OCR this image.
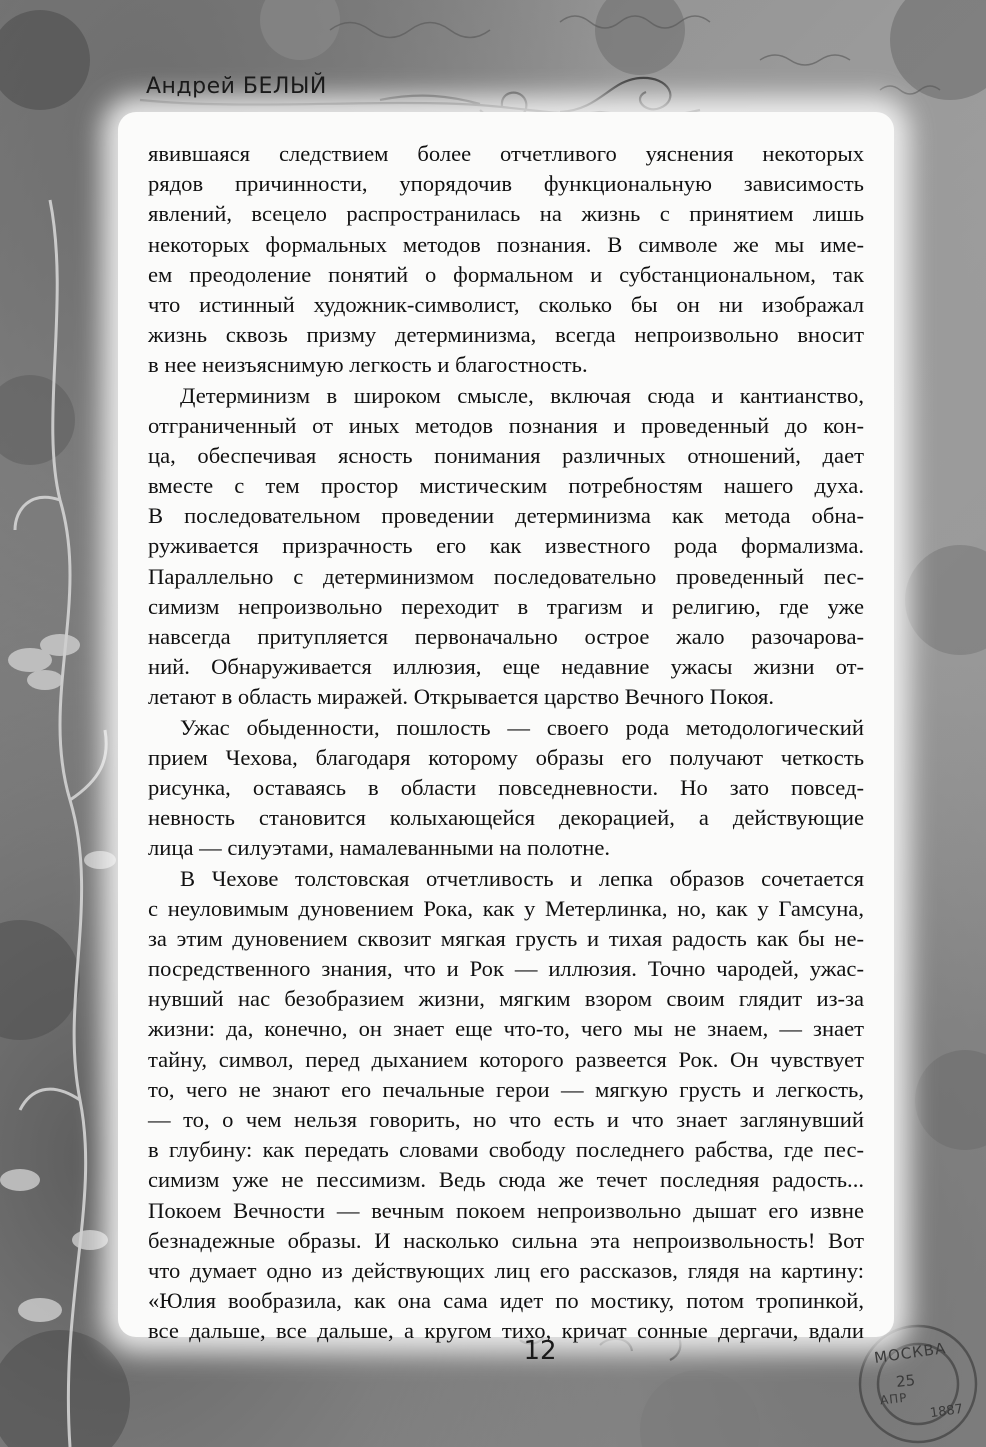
Андрей БЕЛЫЙ
явившаяся следствием более отчетливого уяснения некоторых
рядов причинности, упорядочив функциональную зависимость
явлений, всецело распространилась на жизнь с принятием лишь
некоторых формальных методов познания. В символе же мы име-
ем преодоление понятий о формальном и субстанциональном, так
что истинный художник-символист, сколько бы он ни изображал
жизнь сквозь призму детерминизма, всегда непроизвольно вносит
в нее неизъяснимую легкость и благостность.
Детерминизм в широком смысле, включая сюда и кантианство,
отграниченный от иных методов познания и проведенный до кон-
ца, обеспечивая ясность понимания различных отношений, дает
вместе с тем простор мистическим потребностям нашего духа.
В последовательном проведении детерминизма как метода обна-
руживается призрачность его как известного рода формализма.
Параллельно с детерминизмом последовательно проведенный пес-
симизм непроизвольно переходит в трагизм и религию, где уже
навсегда притупляется первоначально острое жало разочарова-
ний. Обнаруживается иллюзия, еще недавние ужасы жизни от-
летают в область миражей. Открывается царство Вечного Покоя.
Ужас обыденности, пошлость — своего рода методологический
прием Чехова, благодаря которому образы его получают четкость
рисунка, оставаясь в области повседневности. Но зато повсед-
невность становится колыхающейся декорацией, а действующие
лица — силуэтами, намалеванными на полотне.
В Чехове толстовская отчетливость и лепка образов сочетается
с неуловимым дуновением Рока, как у Метерлинка, но, как у Гамсуна,
за этим дуновением сквозит мягкая грусть и тихая радость как бы не-
посредственного знания, что и Рок — иллюзия. Точно чародей, ужас-
нувший нас безобразием жизни, мягким взором своим глядит из-за
жизни: да, конечно, он знает еще что-то, чего мы не знаем, — знает
тайну, символ, перед дыханием которого развеется Рок. Он чувствует
то, чего не знают его печальные герои — мягкую грусть и легкость,
— то, о чем нельзя говорить, но что есть и что знает заглянувший
в глубину: как передать словами свободу последнего рабства, где пес-
симизм уже не пессимизм. Ведь сюда же течет последняя радость...
Покоем Вечности — вечным покоем непроизвольно дышат его извне
безнадежные образы. И насколько сильна эта непроизвольность! Вот
что думает одно из действующих лиц его рассказов, глядя на картину:
«Юлия вообразила, как она сама идет по мостику, потом тропинкой,
все дальше, все дальше, а кругом тихо, кричат сонные дергачи, вдали
12	МОСКВА
25
АПР
1887
